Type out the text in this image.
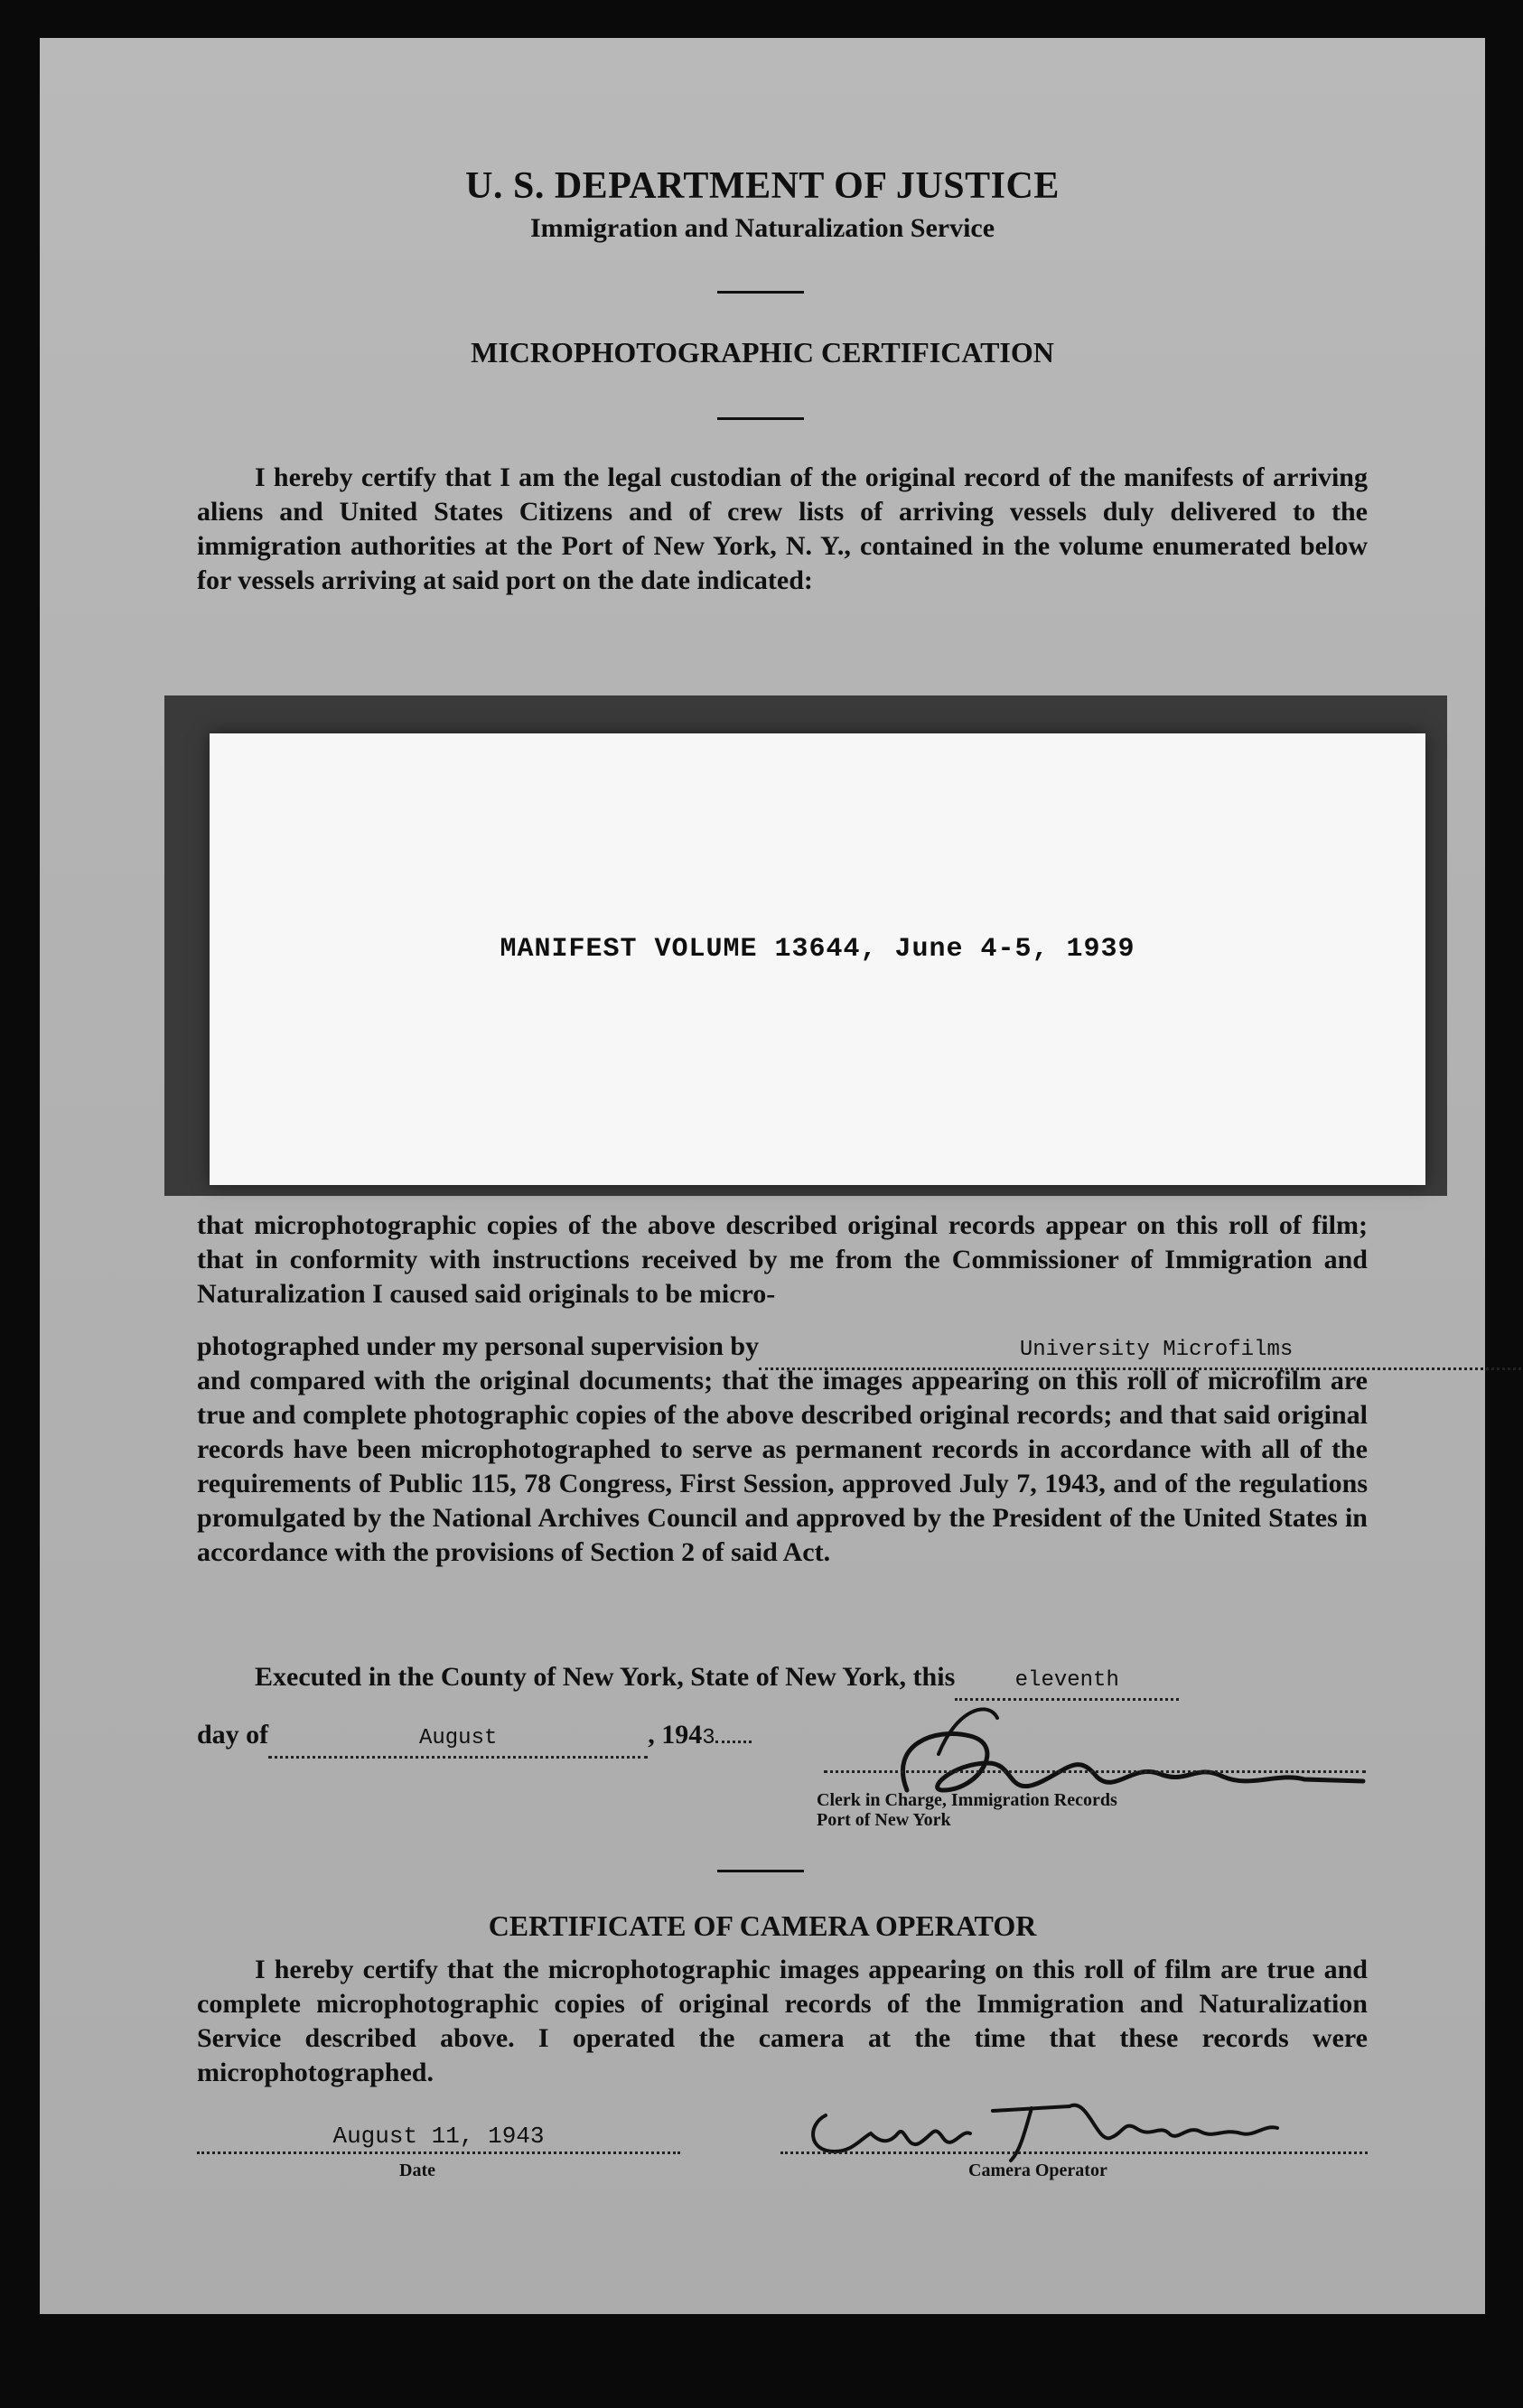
U. S. DEPARTMENT OF JUSTICE
Immigration and Naturalization Service
MICROPHOTOGRAPHIC CERTIFICATION
I hereby certify that I am the legal custodian of the original record of the manifests of arriving aliens and United States Citizens and of crew lists of arriving vessels duly delivered to the immigration authorities at the Port of New York, N. Y., contained in the volume enumerated below for vessels arriving at said port on the date indicated:
MANIFEST VOLUME 13644, June 4-5, 1939
that microphotographic copies of the above described original records appear on this roll of film; that in conformity with instructions received by me from the Commissioner of Immigration and Naturalization I caused said originals to be micro-
photographed under my personal supervision by	University Microfilms
and compared with the original documents; that the images appearing on this roll of microfilm are true and complete photographic copies of the above described original records; and that said original records have been microphotographed to serve as permanent records in accordance with all of the requirements of Public 115, 78 Congress, First Session, approved July 7, 1943, and of the regulations promulgated by the National Archives Council and approved by the President of the United States in accordance with the provisions of Section 2 of said Act.
Executed in the County of New York, State of New York, this	eleventh
day of	August	, 1943
Clerk in Charge, Immigration Records
Port of New York
CERTIFICATE OF CAMERA OPERATOR
I hereby certify that the microphotographic images appearing on this roll of film are true and complete microphotographic copies of original records of the Immigration and Naturalization Service described above. I operated the camera at the time that these records were microphotographed.
August 11, 1943
Date	Camera Operator
